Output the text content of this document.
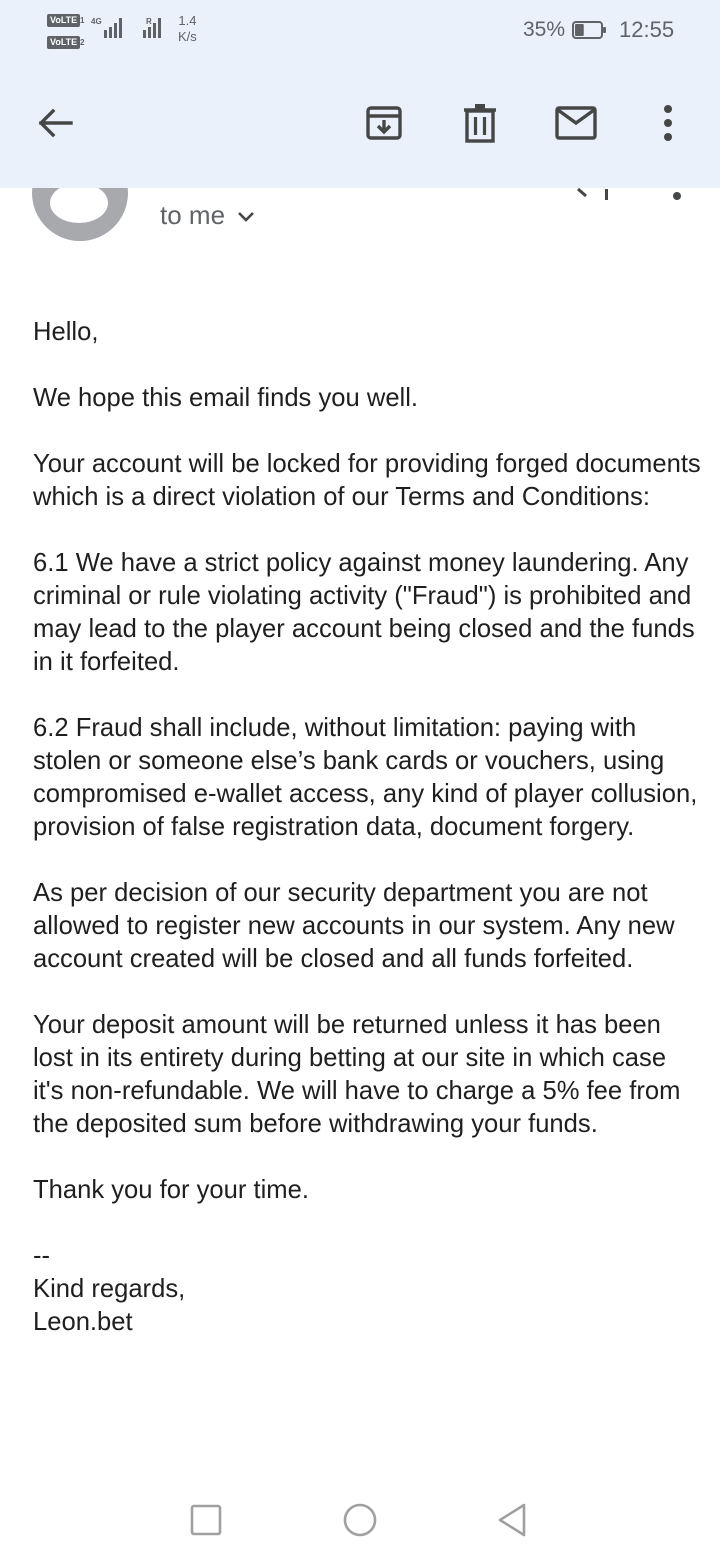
to me

Hello,

We hope this email finds you well.

Your account will be locked for providing forged documents which is a direct violation of our Terms and Conditions:

6.1 We have a strict policy against money laundering. Any criminal or rule violating activity ("Fraud") is prohibited and may lead to the player account being closed and the funds in it forfeited.

6.2 Fraud shall include, without limitation: paying with stolen or someone else’s bank cards or vouchers, using compromised e-wallet access, any kind of player collusion, provision of false registration data, document forgery.

As per decision of our security department you are not allowed to register new accounts in our system. Any new account created will be closed and all funds forfeited.

Your deposit amount will be returned unless it has been lost in its entirety during betting at our site in which case it's non-refundable. We will have to charge a 5% fee from the deposited sum before withdrawing your funds.

Thank you for your time.

--

Kind regards,

Leon.bet

VoLTE 1
VoLTE 2
4G	R 1.4
K/s	35% 12:55
